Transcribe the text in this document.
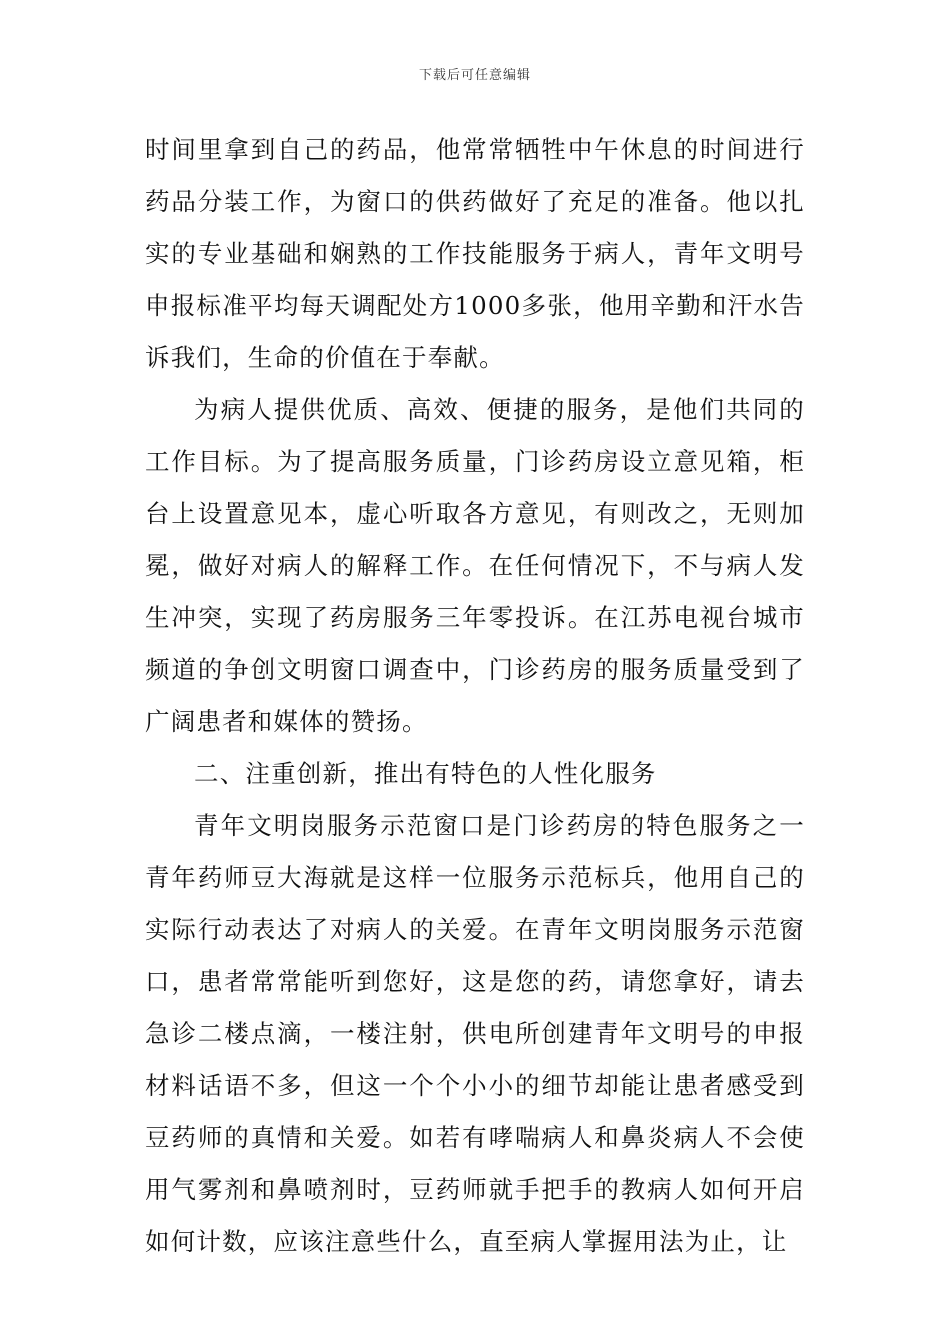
下载后可任意编辑

时间里拿到自己的药品，他常常牺牲中午休息的时间进行药品分装工作，为窗口的供药做好了充足的准备。他以扎实的专业基础和娴熟的工作技能服务于病人，青年文明号申报标准平均每天调配处方1000多张，他用辛勤和汗水告诉我们，生命的价值在于奉献。

为病人提供优质、高效、便捷的服务，是他们共同的工作目标。为了提高服务质量，门诊药房设立意见箱，柜台上设置意见本，虚心听取各方意见，有则改之，无则加冕，做好对病人的解释工作。在任何情况下，不与病人发生冲突，实现了药房服务三年零投诉。在江苏电视台城市频道的争创文明窗口调查中，门诊药房的服务质量受到了广阔患者和媒体的赞扬。

二、注重创新，推出有特色的人性化服务

青年文明岗服务示范窗口是门诊药房的特色服务之一青年药师豆大海就是这样一位服务示范标兵，他用自己的实际行动表达了对病人的关爱。在青年文明岗服务示范窗口，患者常常能听到您好，这是您的药，请您拿好，请去急诊二楼点滴，一楼注射，供电所创建青年文明号的申报材料话语不多，但这一个个小小的细节却能让患者感受到豆药师的真情和关爱。如若有哮喘病人和鼻炎病人不会使用气雾剂和鼻喷剂时，豆药师就手把手的教病人如何开启如何计数，应该注意些什么，直至病人掌握用法为止，让
